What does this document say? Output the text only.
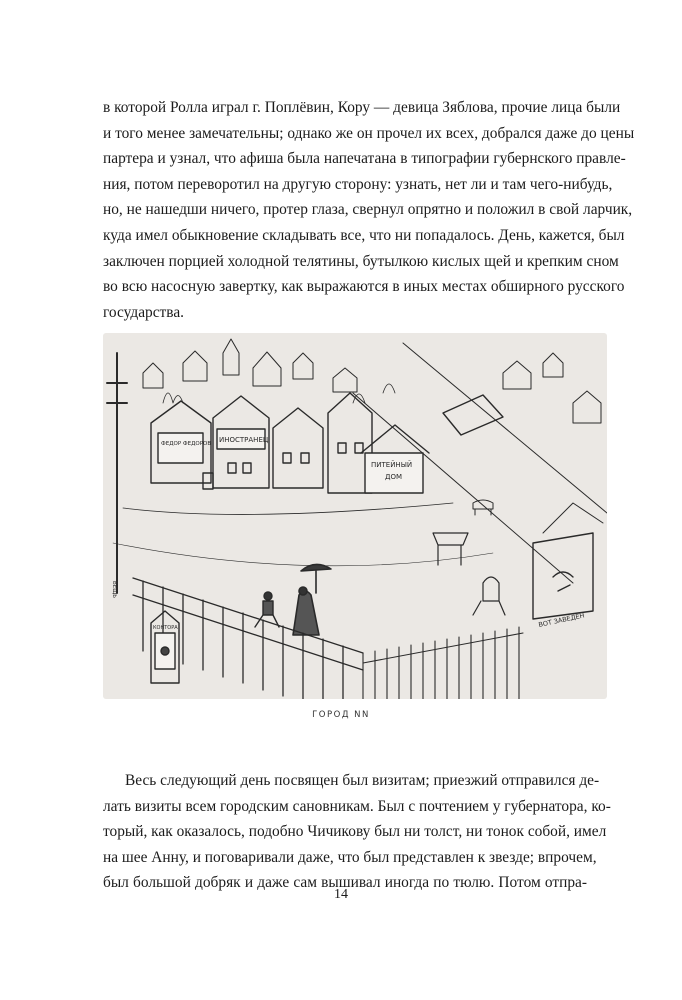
в которой Ролла играл г. Поплёвин, Кору — девица Зяблова, прочие лица были
и того менее замечательны; однако же он прочел их всех, добрался даже до цены
партера и узнал, что афиша была напечатана в типографии губернского правле-
ния, потом переворотил на другую сторону: узнать, нет ли и там чего-нибудь,
но, не нашедши ничего, протер глаза, свернул опрятно и положил в свой ларчик,
куда имел обыкновение складывать все, что ни попадалось. День, кажется, был
заключен порцией холодной телятины, бутылкою кислых щей и крепким сном
во всю насосную завертку, как выражаются в иных местах обширного русского
государства.
ИНОСТРАНЕЦ
ФЕДОР ФЕДОРОВ
ПИТЕЙНЫЙ
ДОМ
ВОТ ЗАВЕДЕН
ВЕЩЬ
КОНТОРА
ГОРОД NN
Весь следующий день посвящен был визитам; приезжий отправился де-
лать визиты всем городским сановникам. Был с почтением у губернатора, ко-
торый, как оказалось, подобно Чичикову был ни толст, ни тонок собой, имел
на шее Анну, и поговаривали даже, что был представлен к звезде; впрочем,
был большой добряк и даже сам вышивал иногда по тюлю. Потом отпра-
14
